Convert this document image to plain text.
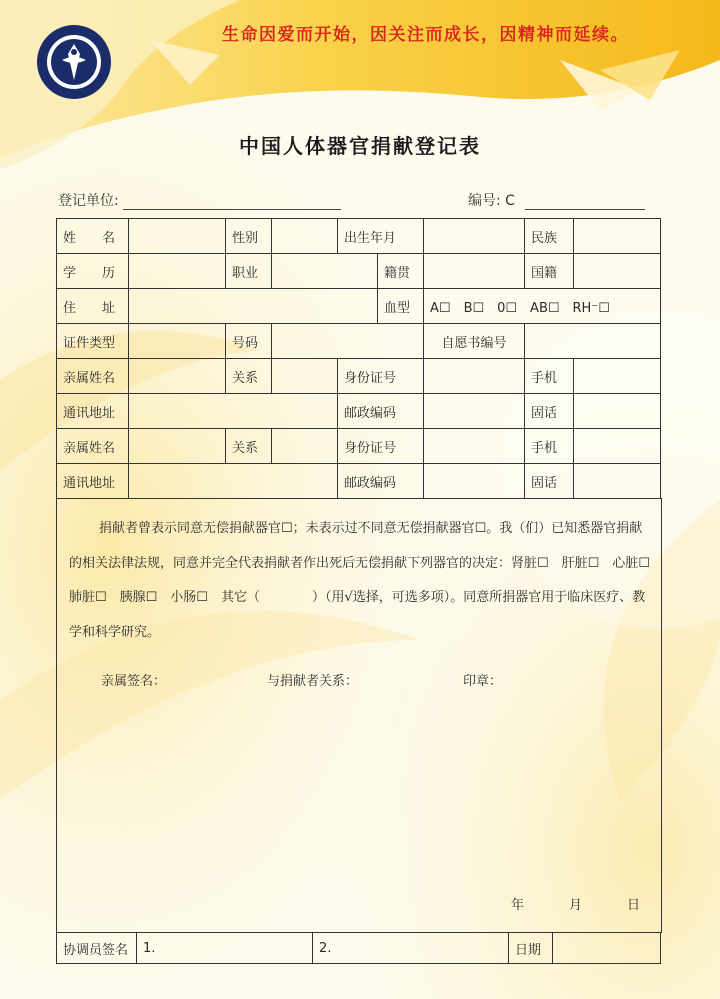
生命因爱而开始，因关注而成长，因精神而延续。
中国人体器官捐献登记表
登记单位:	编号: C
姓　　名		性别		出生年月			民族	
学　　历		职业			籍贯		国籍	
住　　址					血型	A☐　B☐　0☐　AB☐　RH⁻☐		
证件类型		号码				自愿书编号		
亲属姓名		关系		身份证号			手机	
通讯地址				邮政编码			固话	
亲属姓名		关系		身份证号			手机	
通讯地址				邮政编码			固话	
捐献者曾表示同意无偿捐献器官☐；未表示过不同意无偿捐献器官☐。我（们）已知悉器官捐献的相关法律法规，同意并完全代表捐献者作出死后无偿捐献下列器官的决定：肾脏☐　肝脏☐　心脏☐　肺脏☐　胰腺☐　小肠☐　其它（　　　　）（用√选择，可选多项）。同意所捐器官用于临床医疗、教学和科学研究。
亲属签名：	与捐献者关系：	印章：
年	月	日
协调员签名	1.	2.	日期	
